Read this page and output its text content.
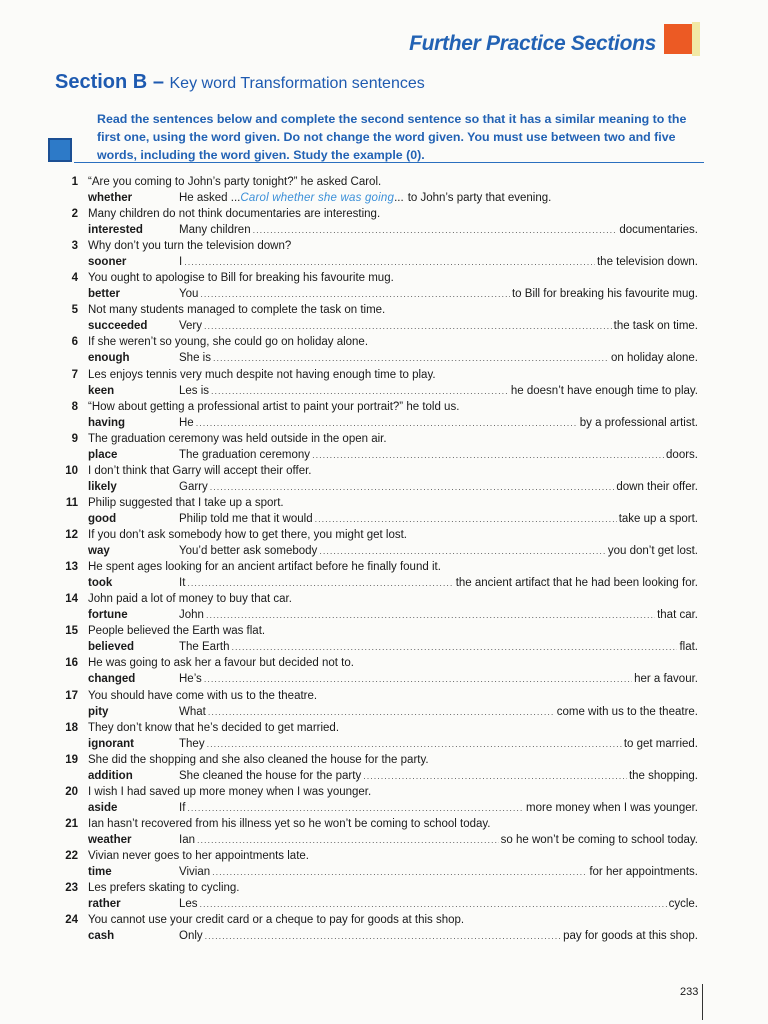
Further Practice Sections
Section B – Key word Transformation sentences
Read the sentences below and complete the second sentence so that it has a similar meaning to the first one, using the word given. Do not change the word given. You must use between two and five words, including the word given. Study the example (0).
1 “Are you coming to John’s party tonight?” he asked Carol.
whether	He asked ... Carol whether she was going ... to John’s party that evening.
2 Many children do not think documentaries are interesting.
interested	Many children .....	documentaries.
3 Why don’t you turn the television down?
sooner	I .....	the television down.
4 You ought to apologise to Bill for breaking his favourite mug.
better	You .....	to Bill for breaking his favourite mug.
5 Not many students managed to complete the task on time.
succeeded	Very .....	the task on time.
6 If she weren’t so young, she could go on holiday alone.
enough	She is .....	on holiday alone.
7 Les enjoys tennis very much despite not having enough time to play.
keen	Les is .....	he doesn’t have enough time to play.
8 “How about getting a professional artist to paint your portrait?” he told us.
having	He .....	by a professional artist.
9 The graduation ceremony was held outside in the open air.
place	The graduation ceremony .....	doors.
10 I don’t think that Garry will accept their offer.
likely	Garry .....	down their offer.
11 Philip suggested that I take up a sport.
good	Philip told me that it would .....	take up a sport.
12 If you don’t ask somebody how to get there, you might get lost.
way	You’d better ask somebody .....	you don’t get lost.
13 He spent ages looking for an ancient artifact before he finally found it.
took	It .....	the ancient artifact that he had been looking for.
14 John paid a lot of money to buy that car.
fortune	John .....	that car.
15 People believed the Earth was flat.
believed	The Earth .....	flat.
16 He was going to ask her a favour but decided not to.
changed	He’s .....	her a favour.
17 You should have come with us to the theatre.
pity	What .....	come with us to the theatre.
18 They don’t know that he’s decided to get married.
ignorant	They .....	to get married.
19 She did the shopping and she also cleaned the house for the party.
addition	She cleaned the house for the party .....	the shopping.
20 I wish I had saved up more money when I was younger.
aside	If .....	more money when I was younger.
21 Ian hasn’t recovered from his illness yet so he won’t be coming to school today.
weather	Ian .....	so he won’t be coming to school today.
22 Vivian never goes to her appointments late.
time	Vivian .....	for her appointments.
23 Les prefers skating to cycling.
rather	Les .....	cycle.
24 You cannot use your credit card or a cheque to pay for goods at this shop.
cash	Only .....	pay for goods at this shop.
233
